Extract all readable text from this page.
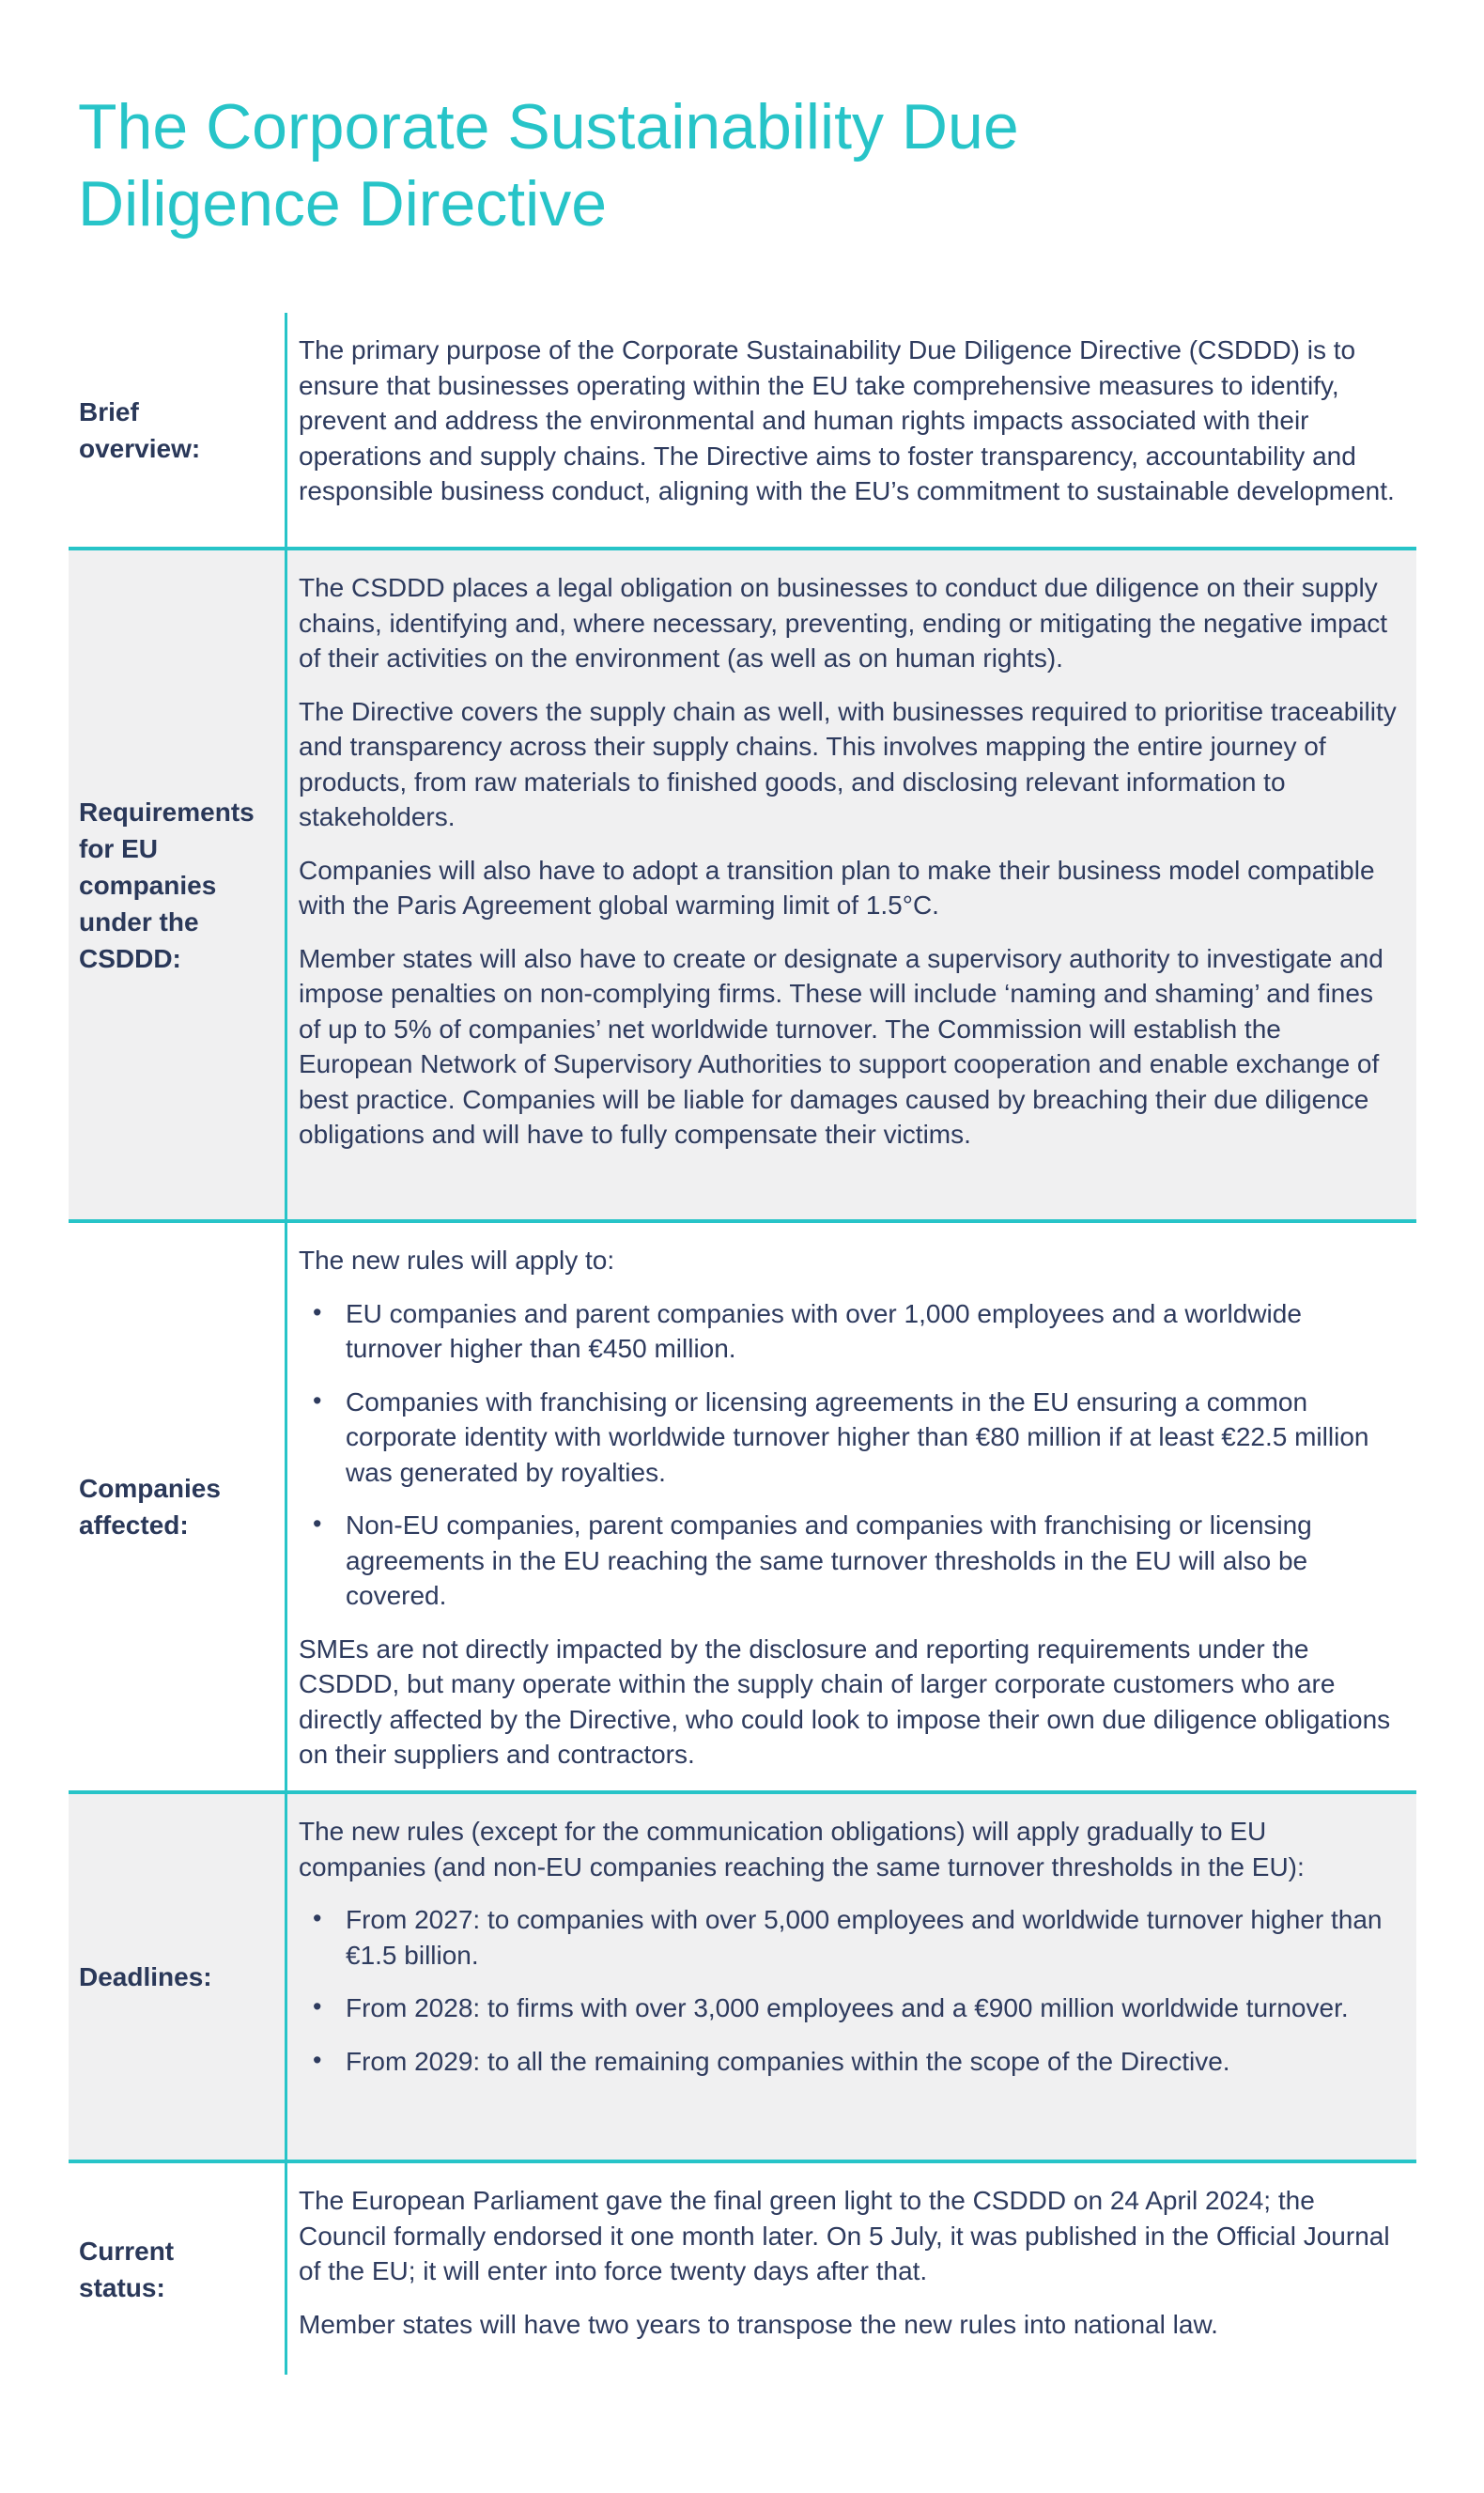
The Corporate Sustainability Due
Diligence Directive
Brief overview:

The primary purpose of the Corporate Sustainability Due Diligence Directive (CSDDD) is to ensure that businesses operating within the EU take comprehensive measures to identify, prevent and address the environmental and human rights impacts associated with their operations and supply chains. The Directive aims to foster transparency, accountability and responsible business conduct, aligning with the EU’s commitment to sustainable development.

Requirements for EU companies under the CSDDD:

The CSDDD places a legal obligation on businesses to conduct due diligence on their supply chains, identifying and, where necessary, preventing, ending or mitigating the negative impact of their activities on the environment (as well as on human rights).

The Directive covers the supply chain as well, with businesses required to prioritise traceability and transparency across their supply chains. This involves mapping the entire journey of products, from raw materials to finished goods, and disclosing relevant information to stakeholders.

Companies will also have to adopt a transition plan to make their business model compatible with the Paris Agreement global warming limit of 1.5°C.

Member states will also have to create or designate a supervisory authority to investigate and impose penalties on non-complying firms. These will include ‘naming and shaming’ and fines of up to 5% of companies’ net worldwide turnover. The Commission will establish the European Network of Supervisory Authorities to support cooperation and enable exchange of best practice. Companies will be liable for damages caused by breaching their due diligence obligations and will have to fully compensate their victims.

Companies affected:

The new rules will apply to:

• EU companies and parent companies with over 1,000 employees and a worldwide turnover higher than €450 million.
• Companies with franchising or licensing agreements in the EU ensuring a common corporate identity with worldwide turnover higher than €80 million if at least €22.5 million was generated by royalties.
• Non-EU companies, parent companies and companies with franchising or licensing agreements in the EU reaching the same turnover thresholds in the EU will also be covered.

SMEs are not directly impacted by the disclosure and reporting requirements under the CSDDD, but many operate within the supply chain of larger corporate customers who are directly affected by the Directive, who could look to impose their own due diligence obligations on their suppliers and contractors.

Deadlines:

The new rules (except for the communication obligations) will apply gradually to EU companies (and non-EU companies reaching the same turnover thresholds in the EU):

• From 2027: to companies with over 5,000 employees and worldwide turnover higher than €1.5 billion.
• From 2028: to firms with over 3,000 employees and a €900 million worldwide turnover.
• From 2029: to all the remaining companies within the scope of the Directive.
Current status:

The European Parliament gave the final green light to the CSDDD on 24 April 2024; the Council formally endorsed it one month later. On 5 July, it was published in the Official Journal of the EU; it will enter into force twenty days after that.

Member states will have two years to transpose the new rules into national law.
